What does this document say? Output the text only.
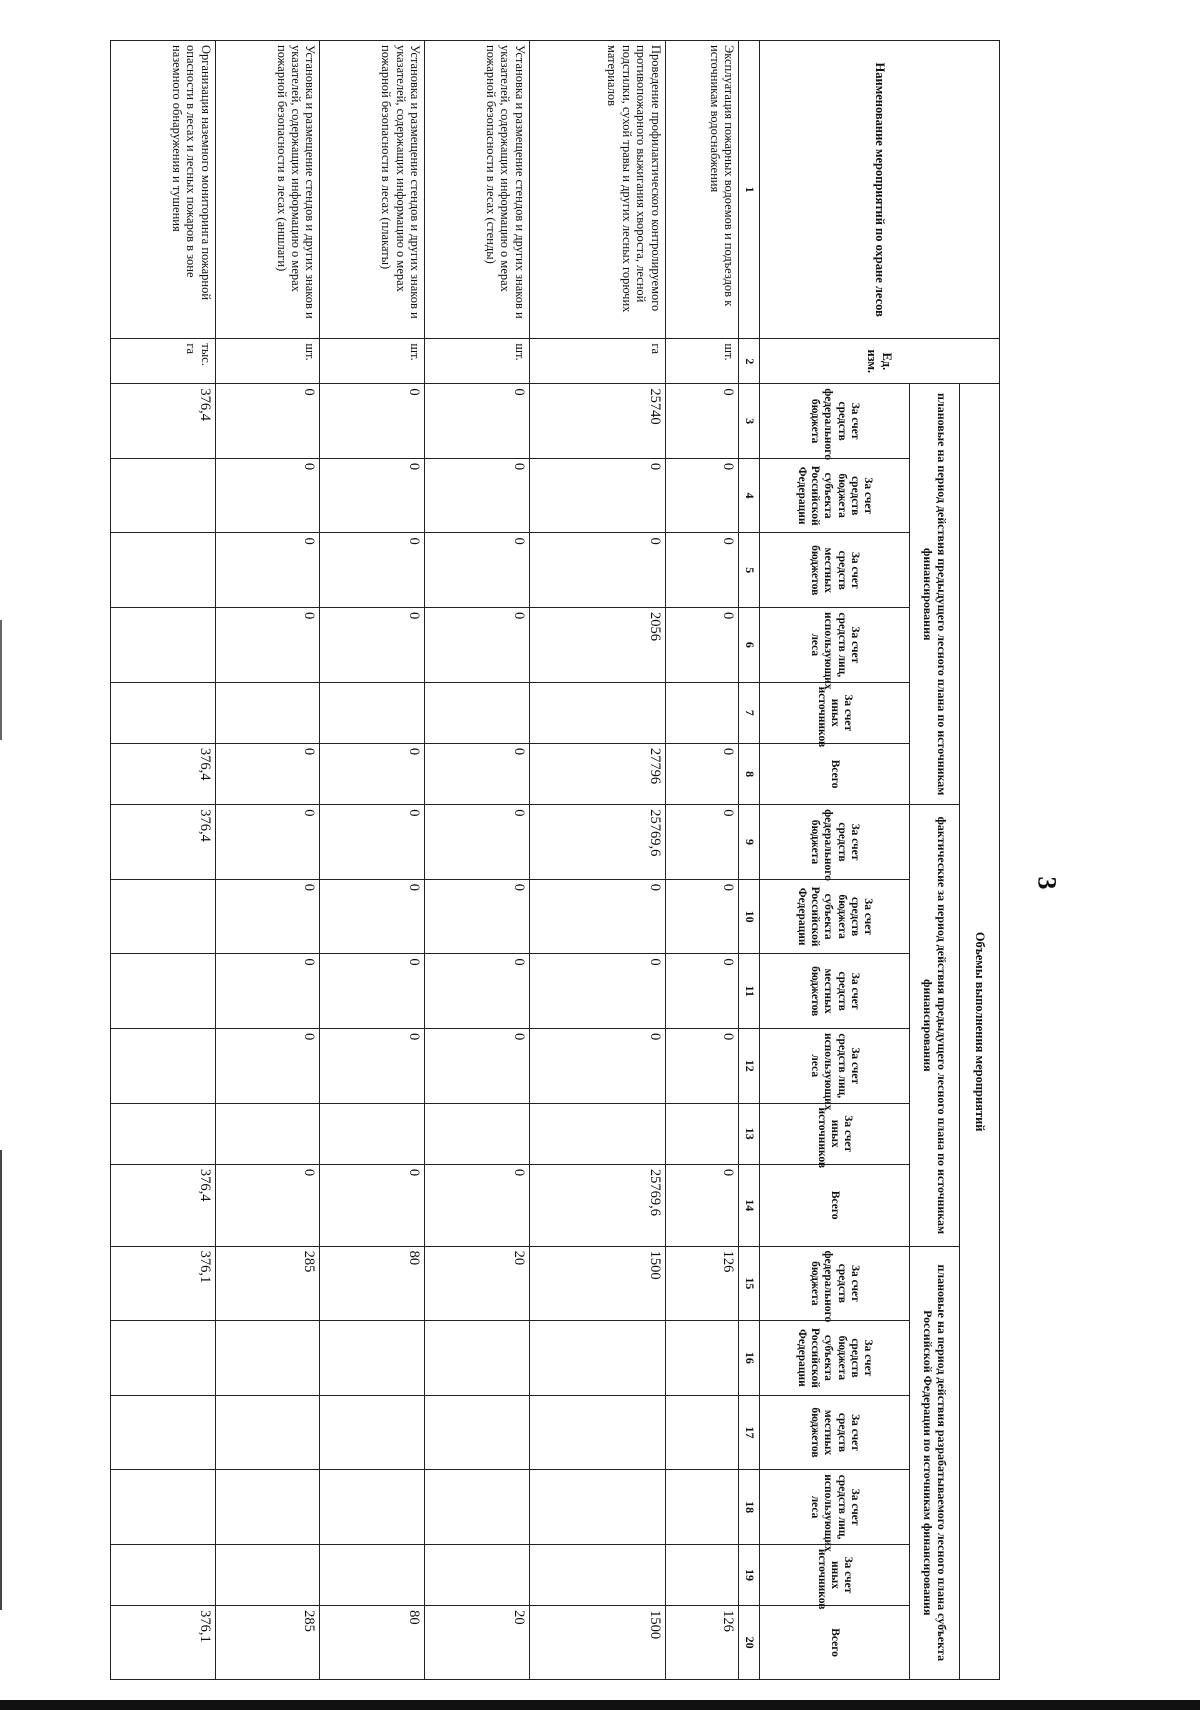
3
Наименование мероприятий по охране лесов	Ед. изм.	Объемы выполнения мероприятий																	
		плановые на период действия предыдущего лесного плана по источникам финансирования						фактические за период действия предыдущего лесного плана по источникам финансирования						плановые на период действия разрабатываемого лесного плана субъекта Российской Федерации по источникам финансирования					
		За счет средств федерального бюджета	За счет средств бюджета субъекта Российской Федерации	За счет средств местных бюджетов	За счет средств лиц, использующих леса	За счет иных источников	Всего	За счет средств федерального бюджета	За счет средств бюджета субъекта Российской Федерации	За счет средств местных бюджетов	За счет средств лиц, использующих леса	За счет иных источников	Всего	За счет средств федерального бюджета	За счет средств бюджета субъекта Российской Федерации	За счет средств местных бюджетов	За счет средств лиц, использующих леса	За счет иных источников	Всего
1	2	3	4	5	6	7	8	9	10	11	12	13	14	15	16	17	18	19	20
Эксплуатация пожарных водоемов и подъездов к источникам водоснабжения	шт.	0	0	0	0		0	0	0	0	0		0	126					126
Проведение профилактического контролируемого противопожарного выжигания хвороста, лесной подстилки, сухой травы и других лесных горючих материалов	га	25740	0	0	2056		27796	25769,6	0	0	0		25769,6	1500					1500
Установка и размещение стендов и других знаков и указателей, содержащих информацию о мерах пожарной безопасности в лесах (стенды)	шт.	0	0	0	0		0	0	0	0	0		0	20					20
Установка и размещение стендов и других знаков и указателей, содержащих информацию о мерах пожарной безопасности в лесах (плакаты)	шт.	0	0	0	0		0	0	0	0	0		0	80					80
Установка и размещение стендов и других знаков и указателей, содержащих информацию о мерах пожарной безопасности в лесах (аншлаги)	шт.	0	0	0	0		0	0	0	0	0		0	285					285
Организация наземного мониторинга пожарной опасности в лесах и лесных пожаров в зоне наземного обнаружения и тушения	тыс. га	376,4					376,4	376,4					376,4	376,1					376,1
